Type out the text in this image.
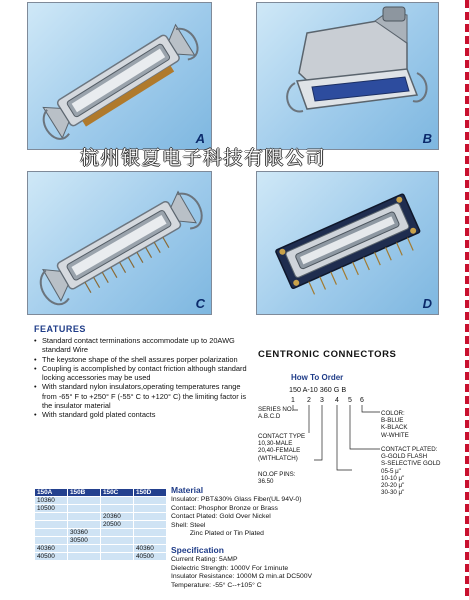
A	B
杭州银夏电子科技有限公司
C	D
FEATURES
• Standard contact terminations accommodate up to 20AWG standard Wire
• The keystone shape of the shell assures porper polarization
• Coupling is accomplished by contact friction although standard locking accessories may be used
• With standard nylon insulators,operating temperatures range from -65° F to +250° F (-55° C to +120° C) the limiting factor is the insulator material
• With standard gold plated contacts
CENTRONIC CONNECTORS
How To Order
150 A-10 360 G B
1 2 3 4 5 6
SERIES NO.
A.B.C.D
CONTACT TYPE
10,30-MALE
20,40-FEMALE
(WITHLATCH)
NO.OF PINS:
36.50
COLOR:
B-BLUE
K-BLACK
W-WHITE
CONTACT PLATED:
G-GOLD FLASH
S-SELECTIVE GOLD
05-5 μ"
10-10 μ"
20-20 μ"
30-30 μ"
150A	150B	150C	150D
10360			
10500			
		20360	
		20500	
	30360		
	30500		
40360			40360
40500			40500
Material
Insulator: PBT&30% Glass Fiber(UL 94V-0)
Contact: Phosphor Bronze or Brass
Contact Plated: Gold Over Nickel
Shell: Steel
Zinc Plated or Tin Plated
Specification
Current Rating: 5AMP
Dielectric Strength: 1000V For 1minute
Insulator Resistance: 1000M Ω min.at DC500V
Temperature: -55° C--+105° C
